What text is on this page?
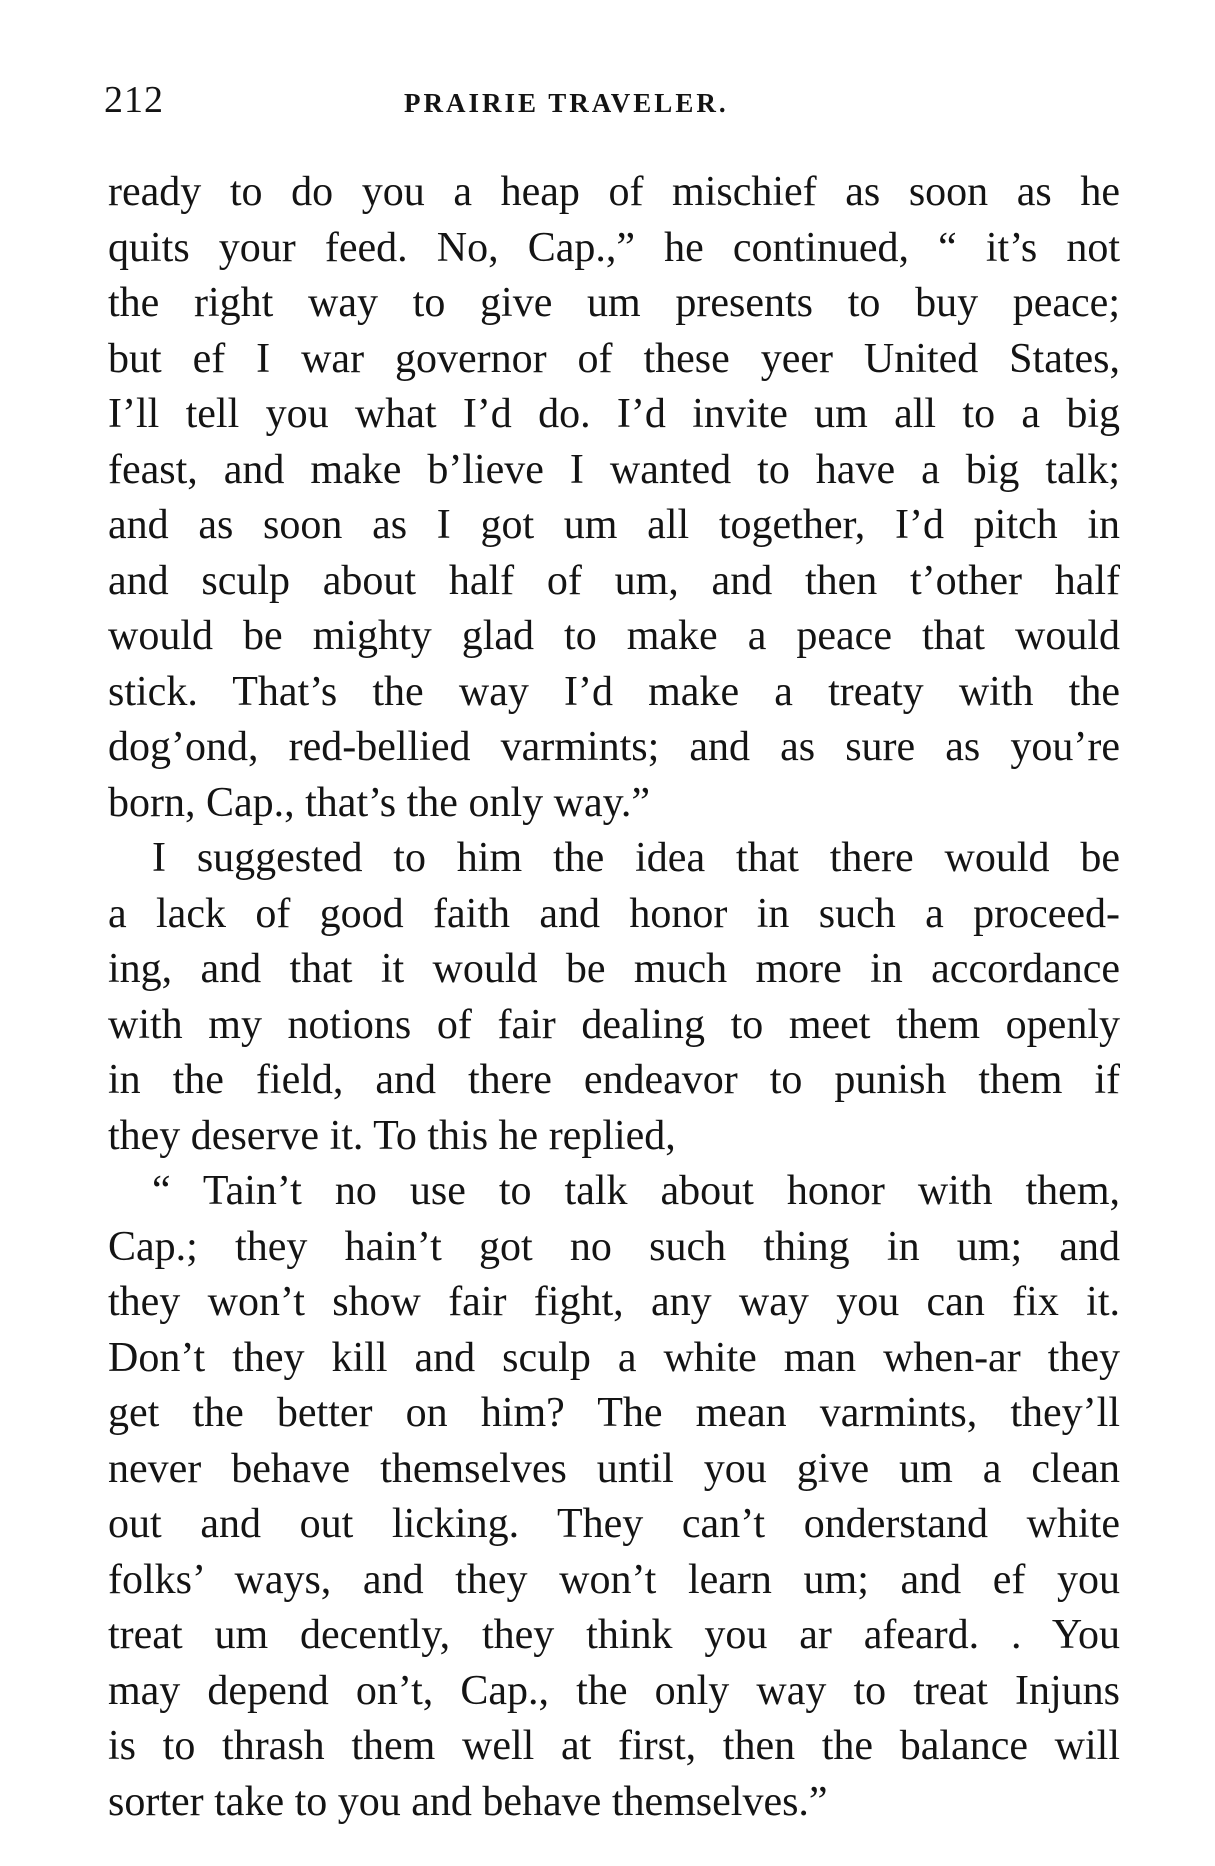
212	PRAIRIE TRAVELER.
ready to do you a heap of mischief as soon as he
quits your feed. No, Cap.,” he continued, “ it’s not
the right way to give um presents to buy peace;
but ef I war governor of these yeer United States,
I’ll tell you what I’d do. I’d invite um all to a big
feast, and make b’lieve I wanted to have a big talk;
and as soon as I got um all together, I’d pitch in
and sculp about half of um, and then t’other half
would be mighty glad to make a peace that would
stick. That’s the way I’d make a treaty with the
dog’ond, red-bellied varmints; and as sure as you’re
born, Cap., that’s the only way.”
I suggested to him the idea that there would be
a lack of good faith and honor in such a proceed-
ing, and that it would be much more in accordance
with my notions of fair dealing to meet them openly
in the field, and there endeavor to punish them if
they deserve it. To this he replied,
“ Tain’t no use to talk about honor with them,
Cap.; they hain’t got no such thing in um; and
they won’t show fair fight, any way you can fix it.
Don’t they kill and sculp a white man when-ar they
get the better on him? The mean varmints, they’ll
never behave themselves until you give um a clean
out and out licking. They can’t onderstand white
folks’ ways, and they won’t learn um; and ef you
treat um decently, they think you ar afeard. . You
may depend on’t, Cap., the only way to treat Injuns
is to thrash them well at first, then the balance will
sorter take to you and behave themselves.”
